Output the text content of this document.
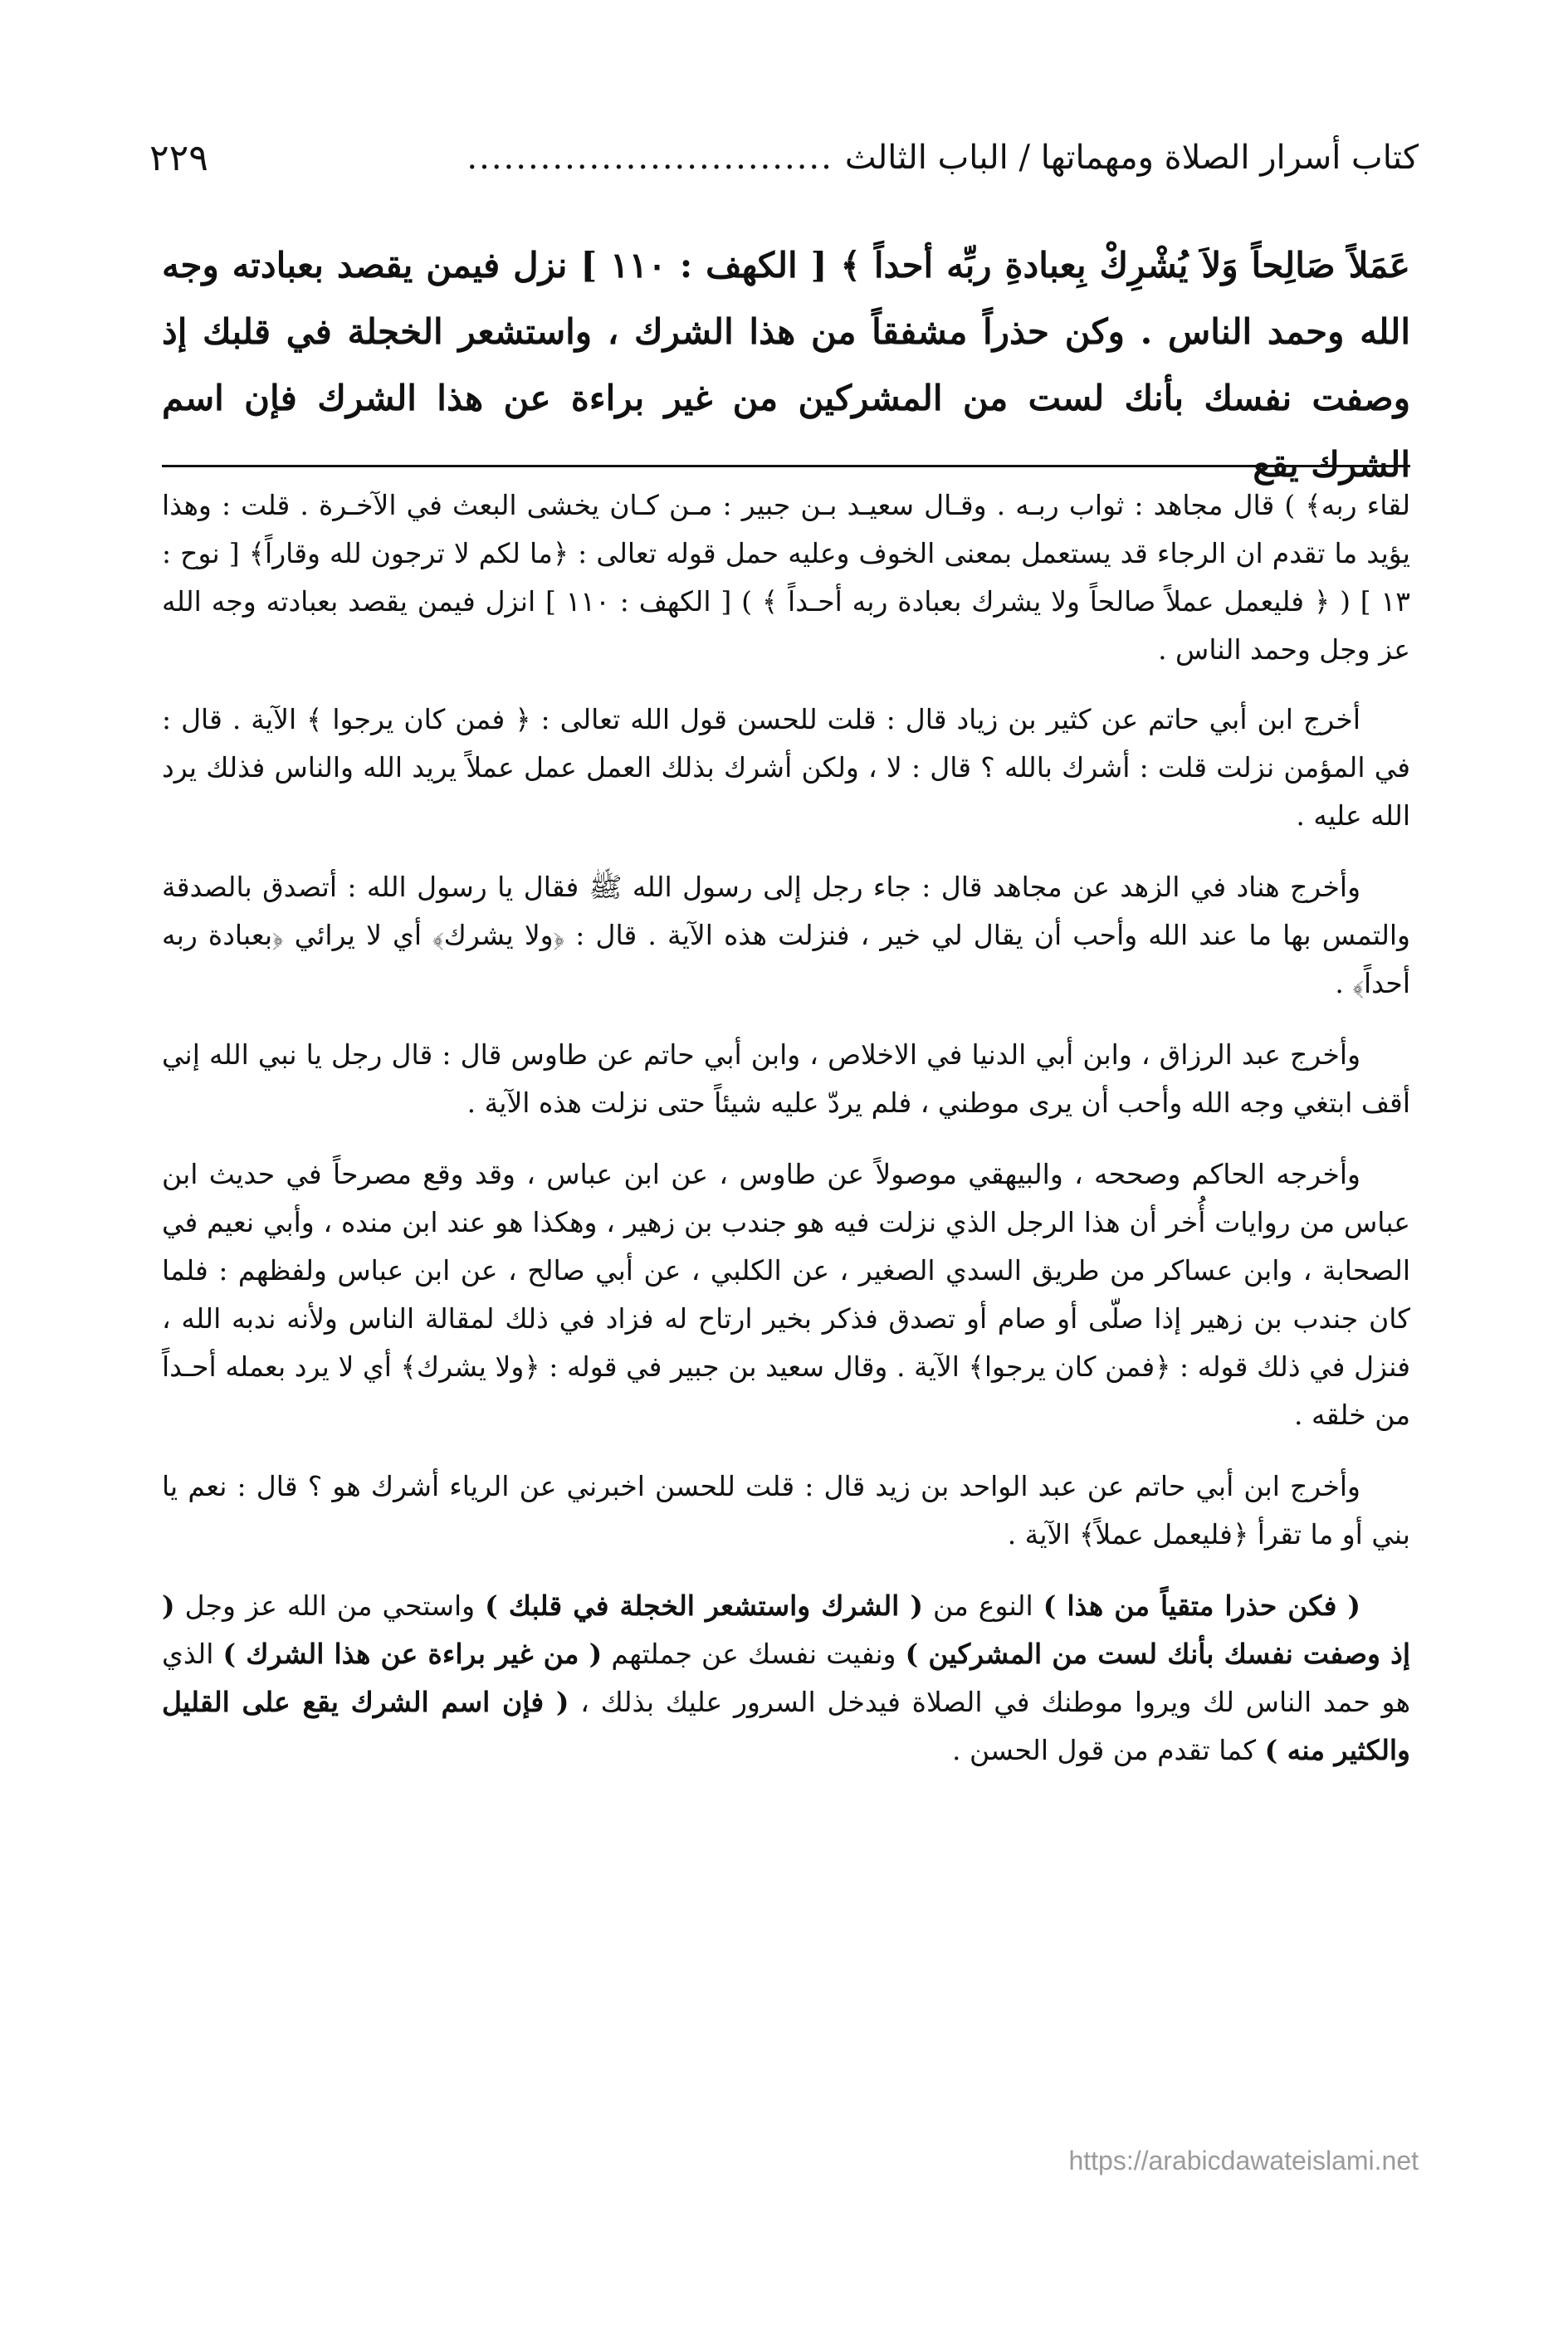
كتاب أسرار الصلاة ومهماتها / الباب الثالث
..............................
٢٢٩

عَمَلاً صَالِحاً وَلاَ يُشْرِكْ بِعبادةِ ربِّه أحداً ﴾ [ الكهف : ١١٠ ] نزل فيمن يقصد بعبادته وجه الله وحمد الناس . وكن حذراً مشفقاً من هذا الشرك ، واستشعر الخجلة في قلبك إذ وصفت نفسك بأنك لست من المشركين من غير براءة عن هذا الشرك فإن اسم الشرك يقع

لقاء ربه﴾ ) قال مجاهد : ثواب ربـه . وقـال سعيـد بـن جبير : مـن كـان يخشى البعث في الآخـرة . قلت : وهذا يؤيد ما تقدم ان الرجاء قد يستعمل بمعنى الخوف وعليه حمل قوله تعالى : ﴿ما لكم لا ترجون لله وقاراً﴾ [ نوح : ١٣ ] ( ﴿ فليعمل عملاً صالحاً ولا يشرك بعبادة ربه أحـداً ﴾ ) [ الكهف : ١١٠ ] انزل فيمن يقصد بعبادته وجه الله عز وجل وحمد الناس .

أخرج ابن أبي حاتم عن كثير بن زياد قال : قلت للحسن قول الله تعالى : ﴿ فمن كان يرجوا ﴾ الآية . قال : في المؤمن نزلت قلت : أشرك بالله ؟ قال : لا ، ولكن أشرك بذلك العمل عمل عملاً يريد الله والناس فذلك يرد الله عليه .

وأخرج هناد في الزهد عن مجاهد قال : جاء رجل إلى رسول الله ﷺ فقال يا رسول الله : أتصدق بالصدقة والتمس بها ما عند الله وأحب أن يقال لي خير ، فنزلت هذه الآية . قال : ﴿ولا يشرك﴾ أي لا يرائي ﴿بعبادة ربه أحداً﴾ .

وأخرج عبد الرزاق ، وابن أبي الدنيا في الاخلاص ، وابن أبي حاتم عن طاوس قال : قال رجل يا نبي الله إني أقف ابتغي وجه الله وأحب أن يرى موطني ، فلم يردّ عليه شيئاً حتى نزلت هذه الآية .

وأخرجه الحاكم وصححه ، والبيهقي موصولاً عن طاوس ، عن ابن عباس ، وقد وقع مصرحاً في حديث ابن عباس من روايات أُخر أن هذا الرجل الذي نزلت فيه هو جندب بن زهير ، وهكذا هو عند ابن منده ، وأبي نعيم في الصحابة ، وابن عساكر من طريق السدي الصغير ، عن الكلبي ، عن أبي صالح ، عن ابن عباس ولفظهم : فلما كان جندب بن زهير إذا صلّى أو صام أو تصدق فذكر بخير ارتاح له فزاد في ذلك لمقالة الناس ولأنه ندبه الله ، فنزل في ذلك قوله : ﴿فمن كان يرجوا﴾ الآية . وقال سعيد بن جبير في قوله : ﴿ولا يشرك﴾ أي لا يرد بعمله أحـداً من خلقه .

وأخرج ابن أبي حاتم عن عبد الواحد بن زيد قال : قلت للحسن اخبرني عن الرياء أشرك هو ؟ قال : نعم يا بني أو ما تقرأ ﴿فليعمل عملاً﴾ الآية .

( فكن حذرا متقياً من هذا ) النوع من ( الشرك واستشعر الخجلة في قلبك ) واستحي من الله عز وجل ( إذ وصفت نفسك بأنك لست من المشركين ) ونفيت نفسك عن جملتهم ( من غير براءة عن هذا الشرك ) الذي هو حمد الناس لك ويروا موطنك في الصلاة فيدخل السرور عليك بذلك ، ( فإن اسم الشرك يقع على القليل والكثير منه ) كما تقدم من قول الحسن .

https://arabicdawateislami.net
